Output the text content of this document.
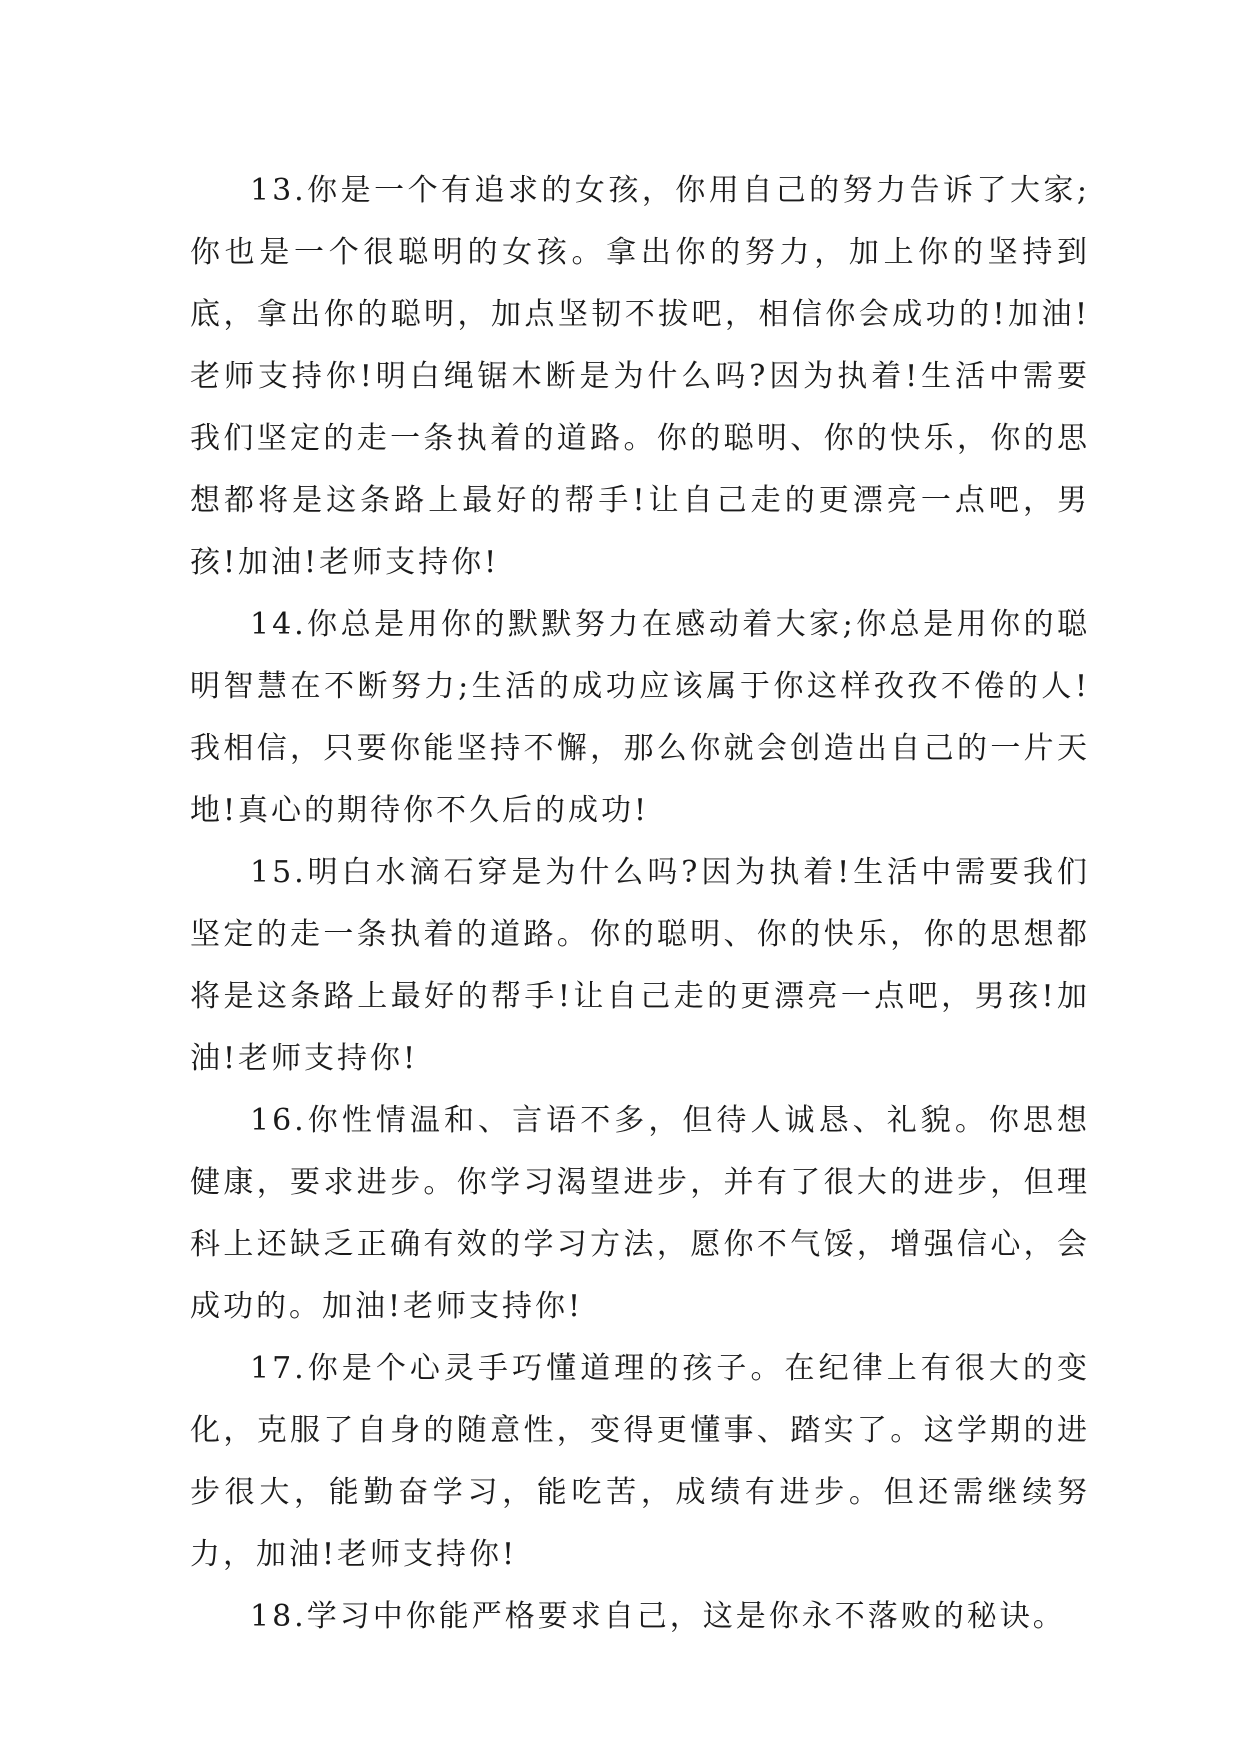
13.你是一个有追求的女孩，你用自己的努力告诉了大家;你也是一个很聪明的女孩。拿出你的努力，加上你的坚持到底，拿出你的聪明，加点坚韧不拔吧，相信你会成功的!加油!老师支持你!明白绳锯木断是为什么吗?因为执着!生活中需要我们坚定的走一条执着的道路。你的聪明、你的快乐，你的思想都将是这条路上最好的帮手!让自己走的更漂亮一点吧，男孩!加油!老师支持你!

14.你总是用你的默默努力在感动着大家;你总是用你的聪明智慧在不断努力;生活的成功应该属于你这样孜孜不倦的人!我相信，只要你能坚持不懈，那么你就会创造出自己的一片天地!真心的期待你不久后的成功!

15.明白水滴石穿是为什么吗?因为执着!生活中需要我们坚定的走一条执着的道路。你的聪明、你的快乐，你的思想都将是这条路上最好的帮手!让自己走的更漂亮一点吧，男孩!加油!老师支持你!

16.你性情温和、言语不多，但待人诚恳、礼貌。你思想健康，要求进步。你学习渴望进步，并有了很大的进步，但理科上还缺乏正确有效的学习方法，愿你不气馁，增强信心，会成功的。加油!老师支持你!

17.你是个心灵手巧懂道理的孩子。在纪律上有很大的变化，克服了自身的随意性，变得更懂事、踏实了。这学期的进步很大，能勤奋学习，能吃苦，成绩有进步。但还需继续努力，加油!老师支持你!

18.学习中你能严格要求自己，这是你永不落败的秘诀。
